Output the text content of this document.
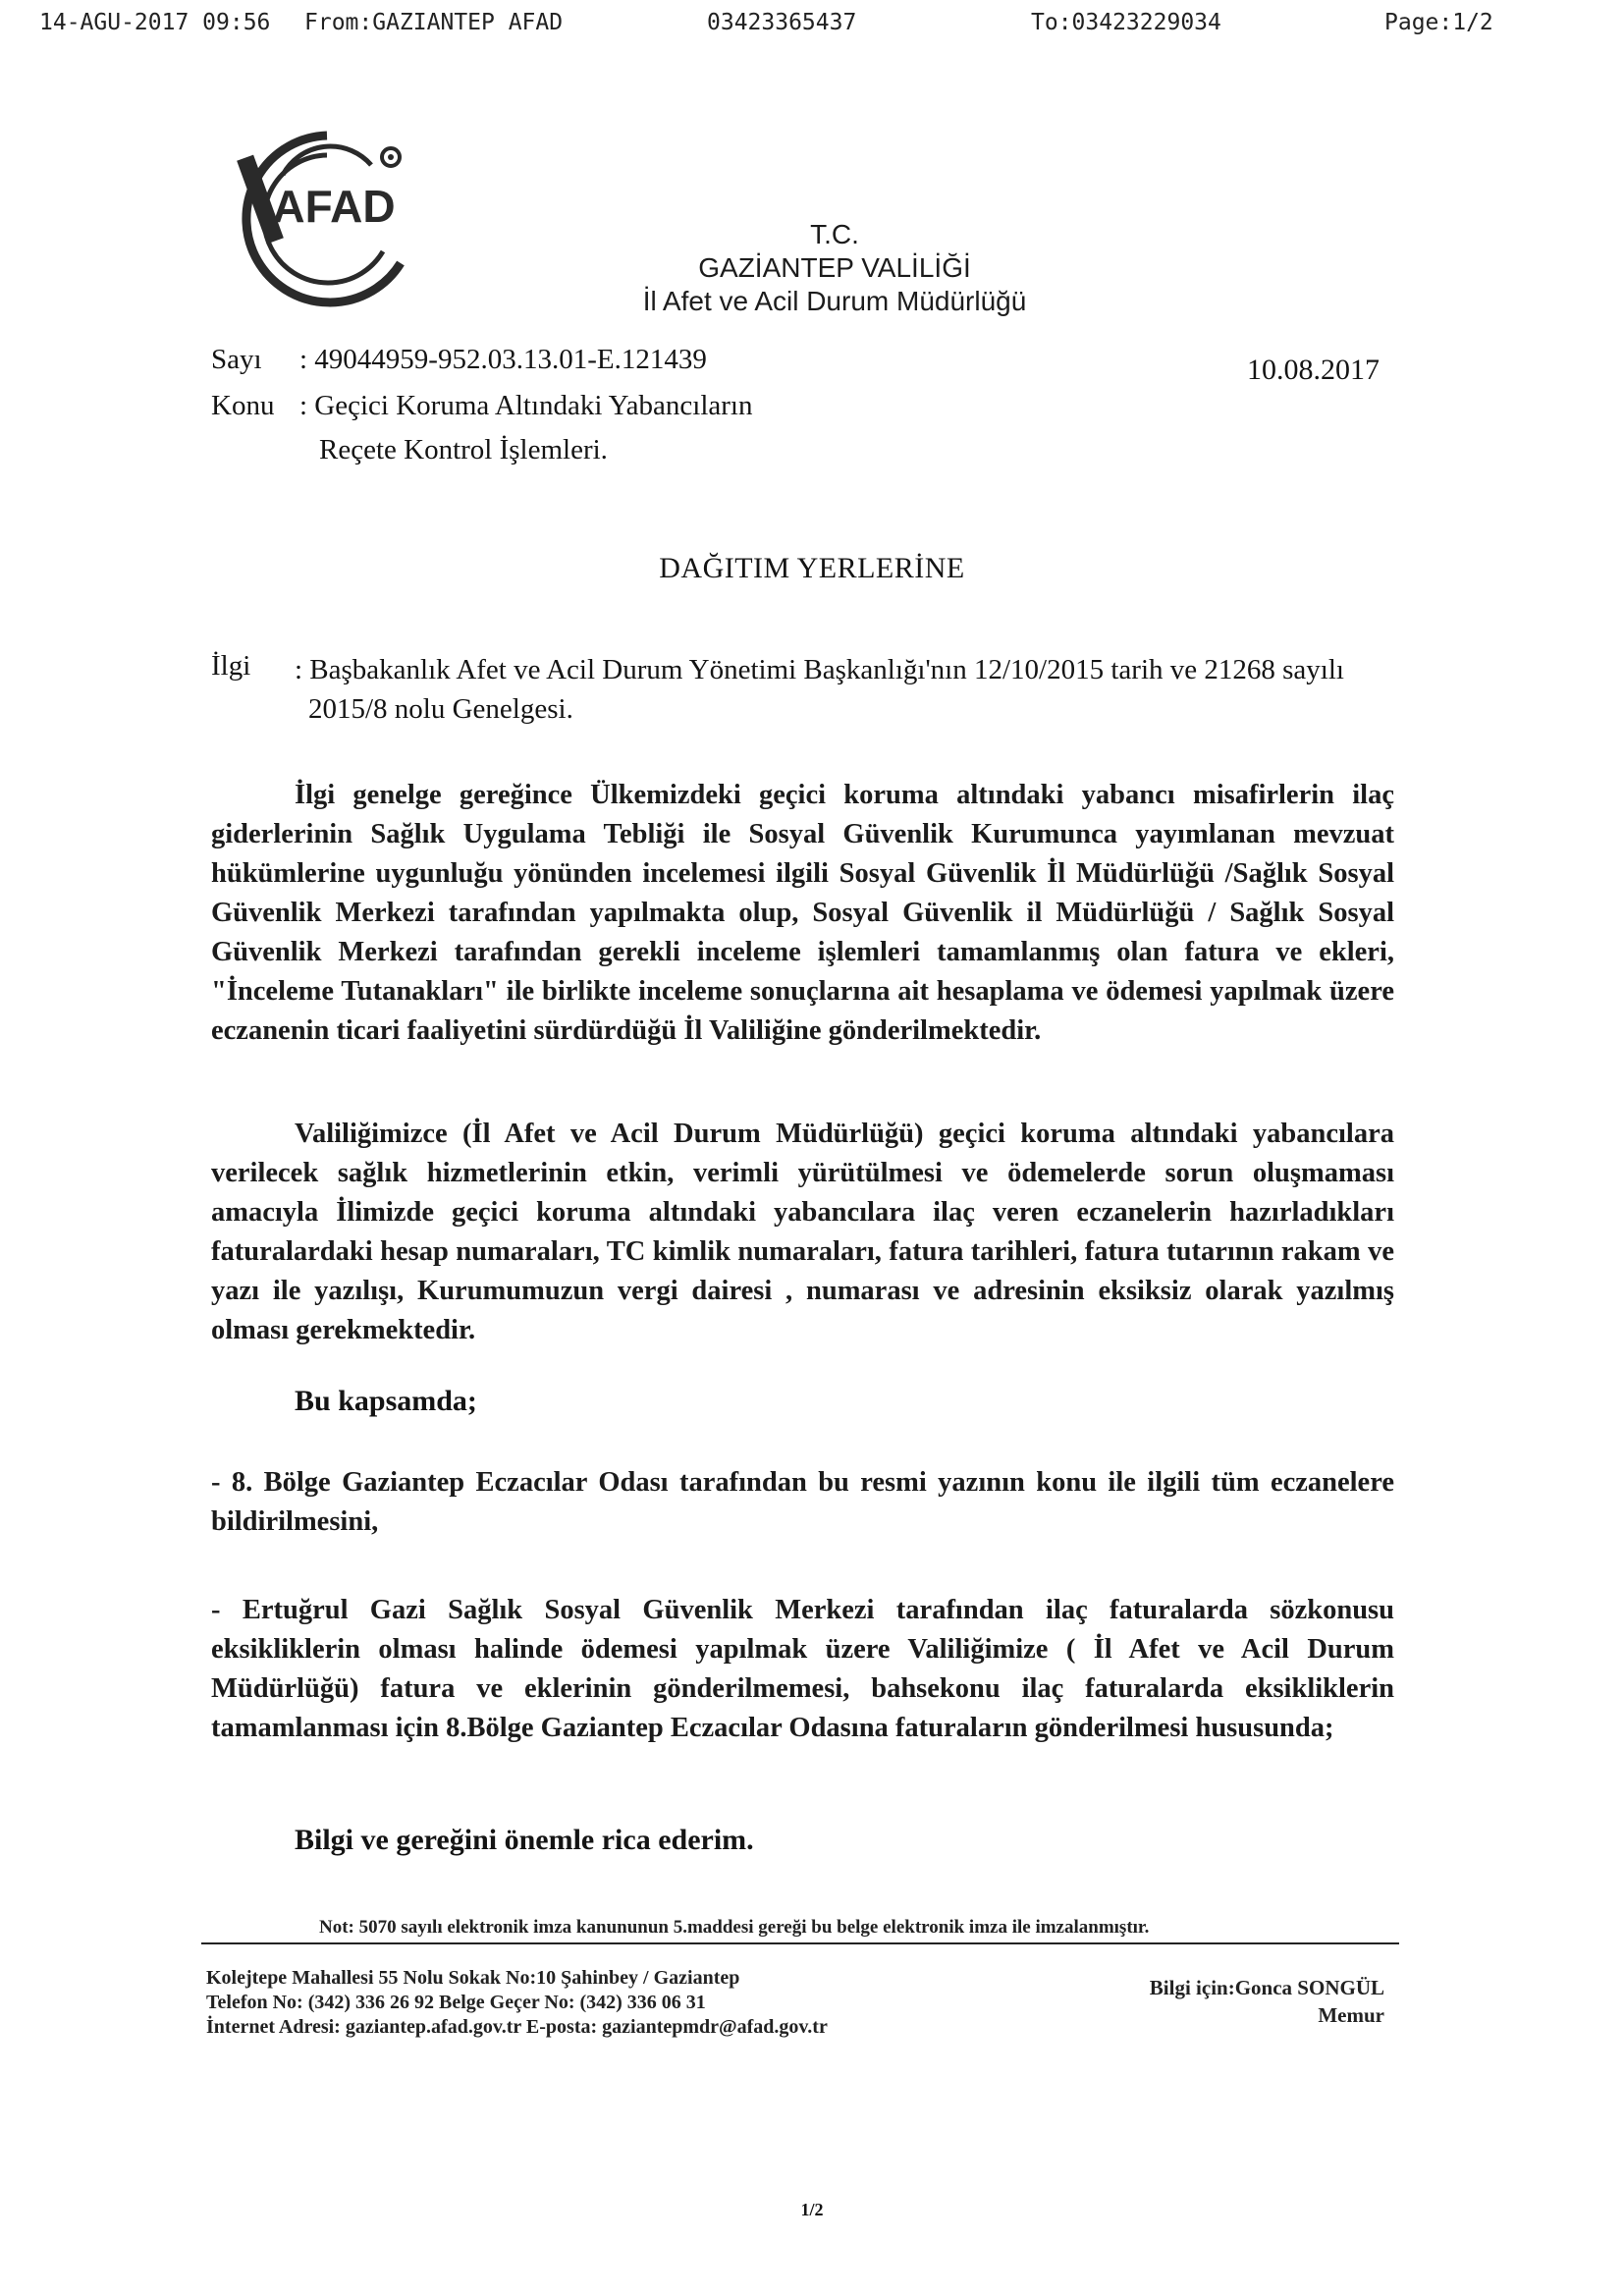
14-AGU-2017 09:56 From:GAZIANTEP AFAD	03423365437	To:03423229034	Page:1/2
AFAD
T.C.
GAZİANTEP VALİLİĞİ
İl Afet ve Acil Durum Müdürlüğü
Sayı : 49044959-952.03.13.01-E.121439
Konu : Geçici Koruma Altındaki Yabancıların
Reçete Kontrol İşlemleri.
10.08.2017
DAĞITIM YERLERİNE
İlgi : Başbakanlık Afet ve Acil Durum Yönetimi Başkanlığı'nın 12/10/2015 tarih ve 21268 sayılı 2015/8 nolu Genelgesi.
İlgi genelge gereğince Ülkemizdeki geçici koruma altındaki yabancı misafirlerin ilaç giderlerinin Sağlık Uygulama Tebliği ile Sosyal Güvenlik Kurumunca yayımlanan mevzuat hükümlerine uygunluğu yönünden incelemesi ilgili Sosyal Güvenlik İl Müdürlüğü /Sağlık Sosyal Güvenlik Merkezi tarafından yapılmakta olup, Sosyal Güvenlik il Müdürlüğü / Sağlık Sosyal Güvenlik Merkezi tarafından gerekli inceleme işlemleri tamamlanmış olan fatura ve ekleri, "İnceleme Tutanakları" ile birlikte inceleme sonuçlarına ait hesaplama ve ödemesi yapılmak üzere eczanenin ticari faaliyetini sürdürdüğü İl Valiliğine gönderilmektedir.
Valiliğimizce (İl Afet ve Acil Durum Müdürlüğü) geçici koruma altındaki yabancılara verilecek sağlık hizmetlerinin etkin, verimli yürütülmesi ve ödemelerde sorun oluşmaması amacıyla İlimizde geçici koruma altındaki yabancılara ilaç veren eczanelerin hazırladıkları faturalardaki hesap numaraları, TC kimlik numaraları, fatura tarihleri, fatura tutarının rakam ve yazı ile yazılışı, Kurumumuzun vergi dairesi , numarası ve adresinin eksiksiz olarak yazılmış olması gerekmektedir.
Bu kapsamda;
- 8. Bölge Gaziantep Eczacılar Odası tarafından bu resmi yazının konu ile ilgili tüm eczanelere bildirilmesini,
- Ertuğrul Gazi Sağlık Sosyal Güvenlik Merkezi tarafından ilaç faturalarda sözkonusu eksikliklerin olması halinde ödemesi yapılmak üzere Valiliğimize ( İl Afet ve Acil Durum Müdürlüğü) fatura ve eklerinin gönderilmemesi, bahsekonu ilaç faturalarda eksikliklerin tamamlanması için 8.Bölge Gaziantep Eczacılar Odasına faturaların gönderilmesi hususunda;
Bilgi ve gereğini önemle rica ederim.
Not: 5070 sayılı elektronik imza kanununun 5.maddesi gereği bu belge elektronik imza ile imzalanmıştır.
Kolejtepe Mahallesi 55 Nolu Sokak No:10 Şahinbey / Gaziantep
Telefon No: (342) 336 26 92 Belge Geçer No: (342) 336 06 31
İnternet Adresi: gaziantep.afad.gov.tr E-posta: gaziantepmdr@afad.gov.tr
Bilgi için:Gonca SONGÜL
Memur
1/2
